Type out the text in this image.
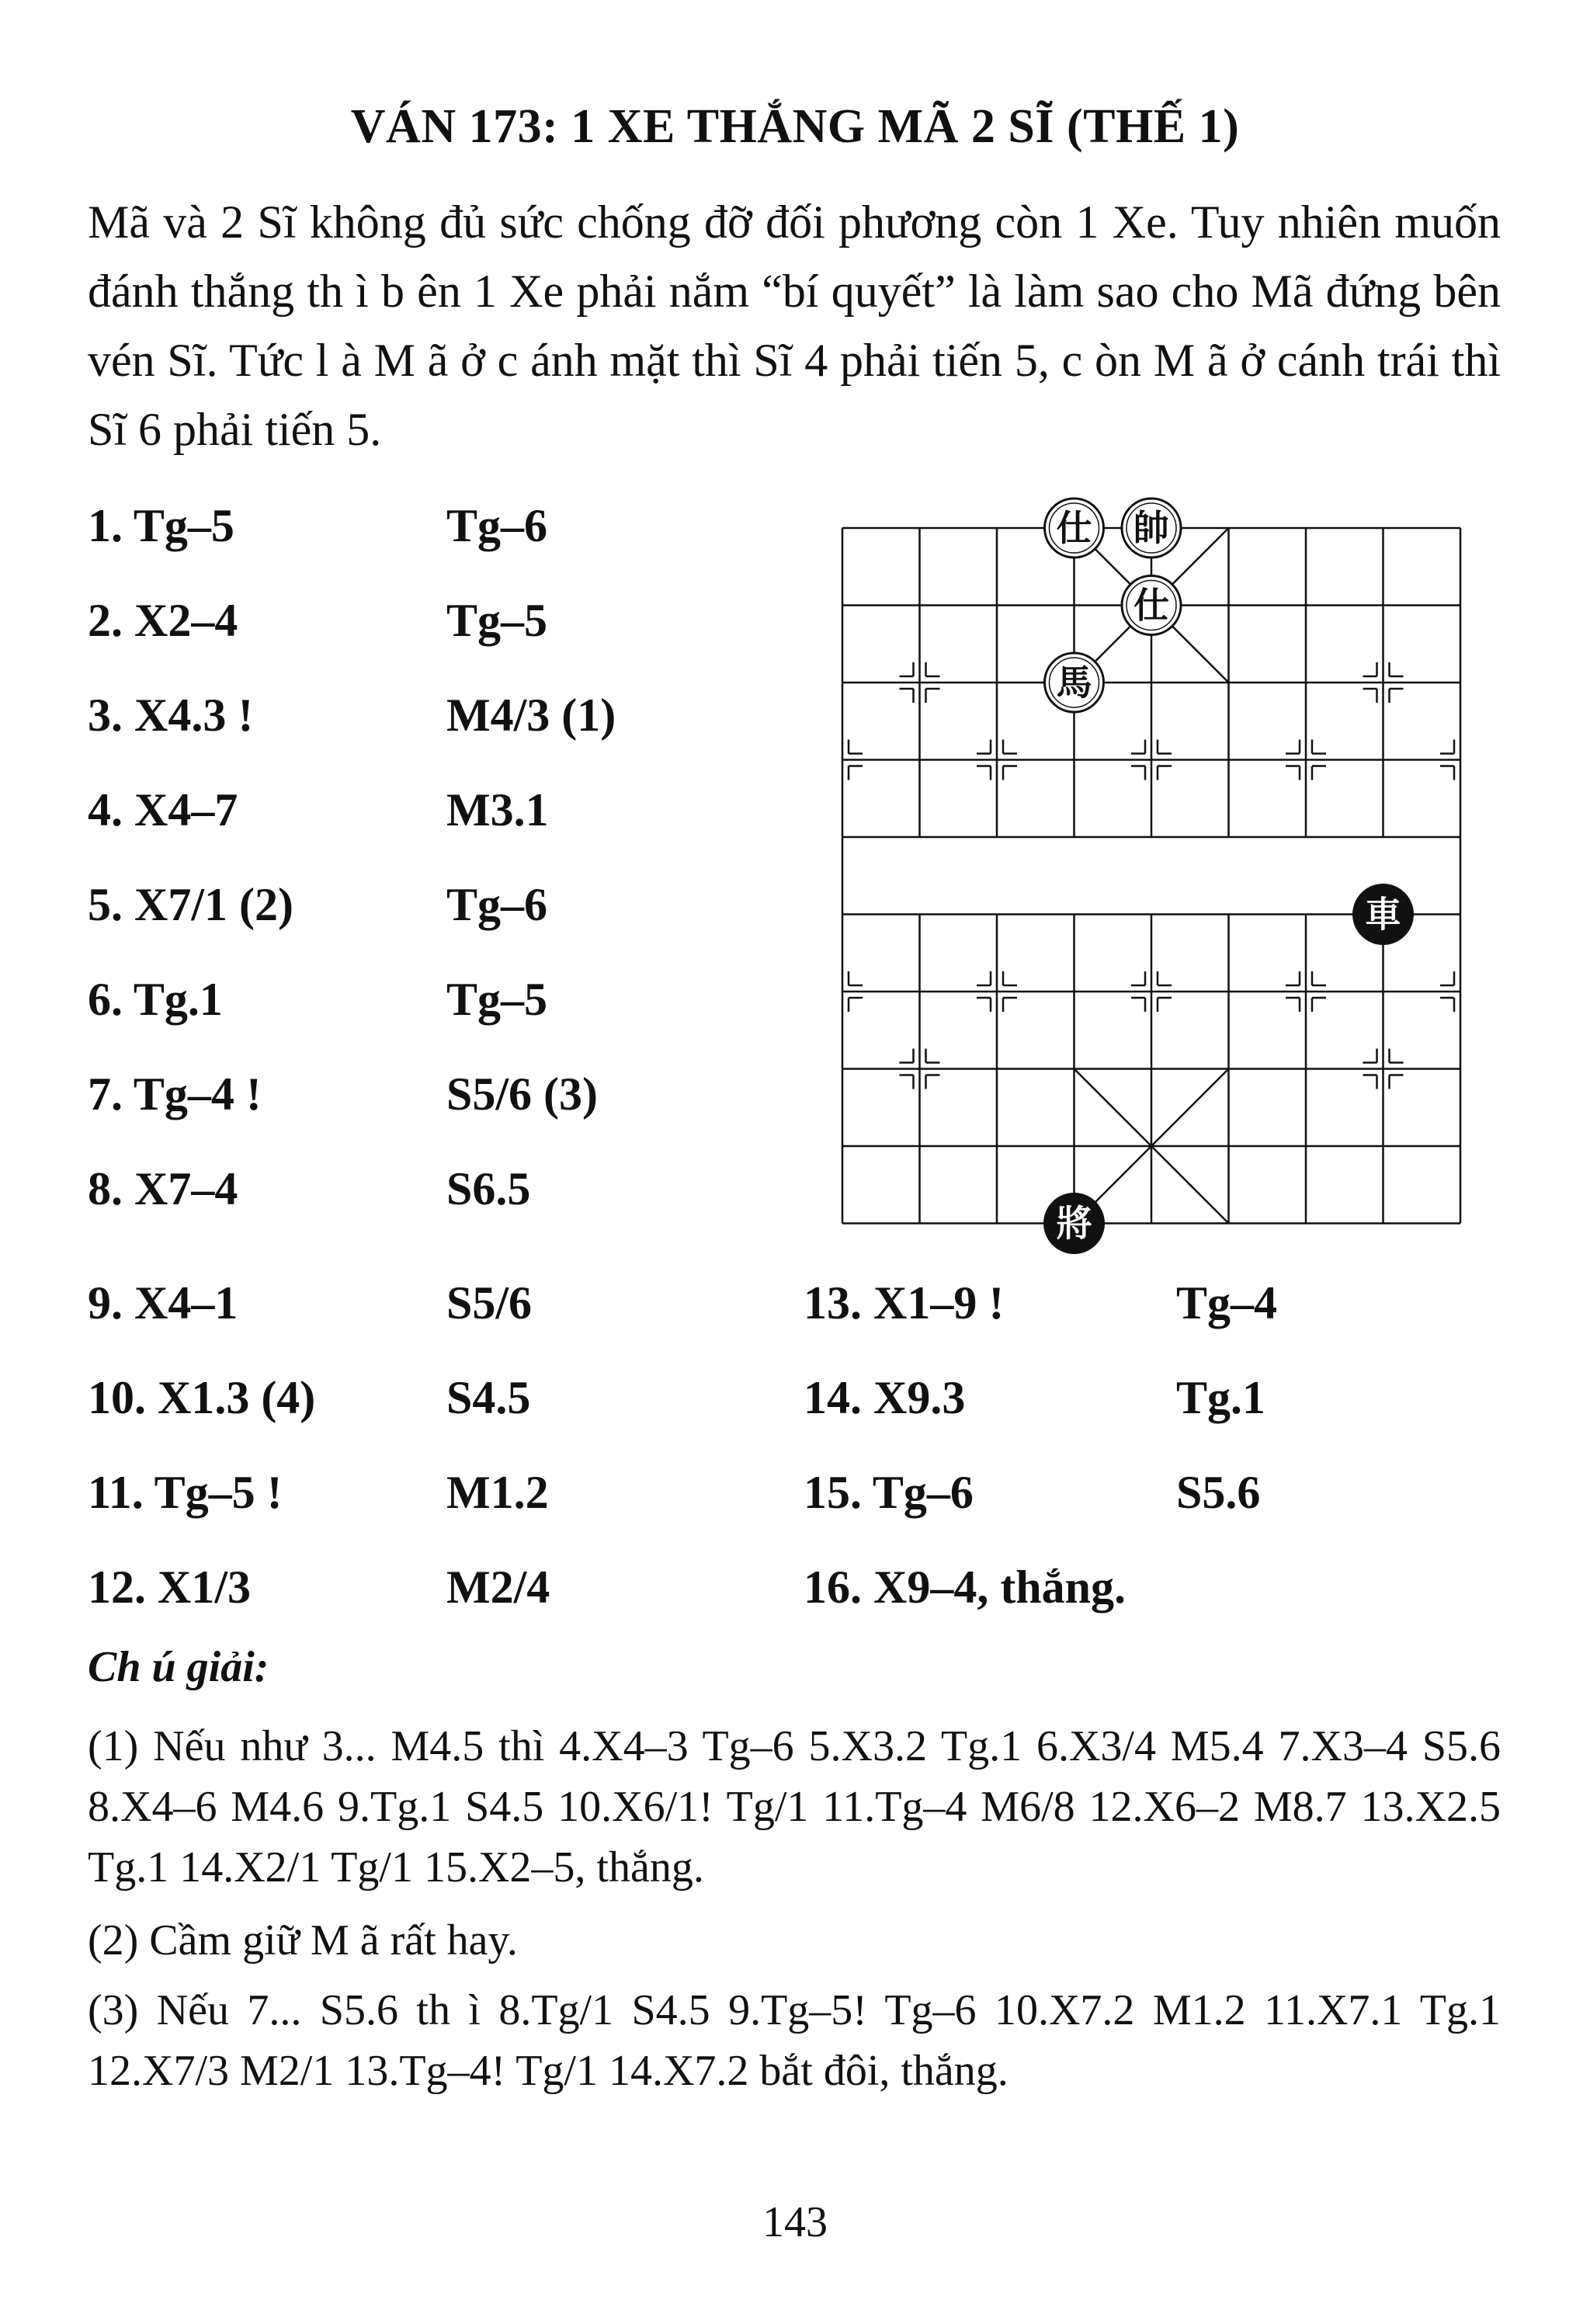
VÁN 173: 1 XE THẮNG MÃ 2 SĨ (THẾ 1)
Mã và 2 Sĩ không đủ sức chống đỡ đối phương còn 1 Xe. Tuy nhiên muốn đánh thắng th ì b ên 1 Xe phải nắm “bí quyết” là làm sao cho Mã đứng bên vén Sĩ. Tức l à M ã ở c ánh mặt thì Sĩ 4 phải tiến 5, c òn M ã ở cánh trái thì Sĩ 6 phải tiến 5.
1. Tg–5	Tg–6
2. X2–4	Tg–5
3. X4.3 !	M4/3 (1)
4. X4–7	M3.1
5. X7/1 (2)	Tg–6
6. Tg.1	Tg–5
7. Tg–4 !	S5/6 (3)
8. X7–4	S6.5
9. X4–1	S5/6
10. X1.3 (4)	S4.5
11. Tg–5 !	M1.2
12. X1/3	M2/4
13. X1–9 !	Tg–4
14. X9.3	Tg.1
15. Tg–6	S5.6
16. X9–4, thắng.
仕 帥
仕
馬
車
將
Ch ú giải:
(1) Nếu như 3... M4.5 thì 4.X4–3 Tg–6 5.X3.2 Tg.1 6.X3/4 M5.4 7.X3–4 S5.6 8.X4–6 M4.6 9.Tg.1 S4.5 10.X6/1! Tg/1 11.Tg–4 M6/8 12.X6–2 M8.7 13.X2.5 Tg.1 14.X2/1 Tg/1 15.X2–5, thắng.
(2) Cầm giữ M ã rất hay.
(3) Nếu 7... S5.6 th ì 8.Tg/1 S4.5 9.Tg–5! Tg–6 10.X7.2 M1.2 11.X7.1 Tg.1 12.X7/3 M2/1 13.Tg–4! Tg/1 14.X7.2 bắt đôi, thắng.
143
